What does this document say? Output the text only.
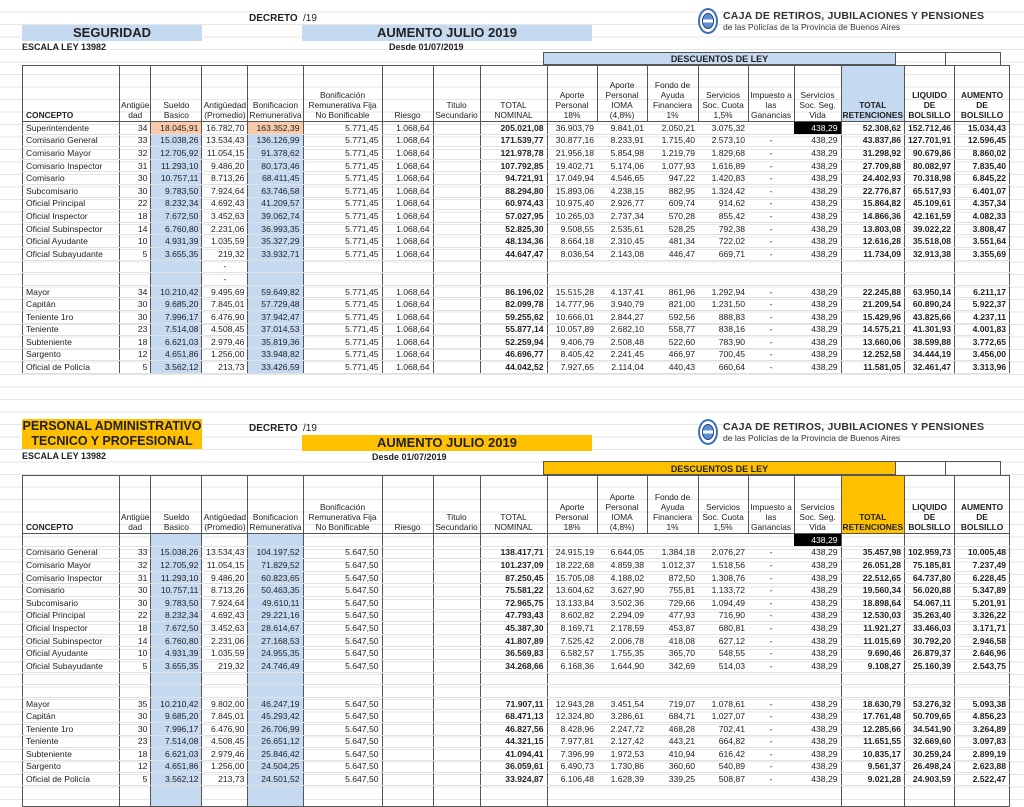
DECRETO /19
SEGURIDAD	AUMENTO JULIO 2019
ESCALA LEY 13982	Desde 01/07/2019
CAJA DE RETIROS, JUBILACIONES Y PENSIONES
de las Policías de la Provincia de Buenos Aires
DESCUENTOS DE LEY
CONCEPTO	Antigüe dad	Sueldo Basico	Antigüedad (Promedio)	Bonificacion Remunerativa	Bonificación Remunerativa Fija No Bonificable	Riesgo	Titulo Secundario	TOTAL NOMINAL	Aporte Personal 18%	Aporte Personal IOMA (4,8%)	Fondo de Ayuda Financiera 1%	Servicios Soc. Cuota 1,5%	Impuesto a las Ganancias	Servicios Soc. Seg. Vida	TOTAL RETENCIONES	LIQUIDO DE BOLSILLO	AUMENTO DE BOLSILLO
Superintendente	34	18.045,91	16.782,70	163.352,39	5.771,45	1.068,64		205.021,08	36.903,79	9.841,01	2.050,21	3.075,32		438,29	52.308,62	152.712,46	15.034,43
Comisario General	33	15.038,26	13.534,43	136.126,99	5.771,45	1.068,64		171.539,77	30.877,16	8.233,91	1.715,40	2.573,10	-	438,29	43.837,86	127.701,91	12.596,45
Comisario Mayor	32	12.705,92	11.054,15	91.378,62	5.771,45	1.068,64		121.978,78	21.956,18	5.854,98	1.219,79	1.829,68	-	438,29	31.298,92	90.679,86	8.860,02
Comisario Inspector	31	11.293,10	9.486,20	80.173,46	5.771,45	1.068,64		107.792,85	19.402,71	5.174,06	1.077,93	1.616,89	-	438,29	27.709,88	80.082,97	7.835,40
Comisario	30	10.757,11	8.713,26	68.411,45	5.771,45	1.068,64		94.721,91	17.049,94	4.546,65	947,22	1.420,83	-	438,29	24.402,93	70.318,98	6.845,22
Subcomisario	30	9.783,50	7.924,64	63.746,58	5.771,45	1.068,64		88.294,80	15.893,06	4.238,15	882,95	1.324,42	-	438,29	22.776,87	65.517,93	6.401,07
Oficial Principal	22	8.232,34	4.692,43	41.209,57	5.771,45	1.068,64		60.974,43	10.975,40	2.926,77	609,74	914,62	-	438,29	15.864,82	45.109,61	4.357,34
Oficial Inspector	18	7.672,50	3.452,63	39.062,74	5.771,45	1.068,64		57.027,95	10.265,03	2.737,34	570,28	855,42	-	438,29	14.866,36	42.161,59	4.082,33
Oficial Subinspector	14	6.760,80	2.231,06	36.993,35	5.771,45	1.068,64		52.825,30	9.508,55	2.535,61	528,25	792,38	-	438,29	13.803,08	39.022,22	3.808,47
Oficial Ayudante	10	4.931,39	1.035,59	35.327,29	5.771,45	1.068,64		48.134,36	8.664,18	2.310,45	481,34	722,02	-	438,29	12.616,28	35.518,08	3.551,64
Oficial Subayudante	5	3.655,35	219,32	33.932,71	5.771,45	1.068,64		44.647,47	8.036,54	2.143,08	446,47	669,71	-	438,29	11.734,09	32.913,38	3.355,69
			-														
			-														
Mayor	34	10.210,42	9.495,69	59.649,82	5.771,45	1.068,64		86.196,02	15.515,28	4.137,41	861,96	1.292,94	-	438,29	22.245,88	63.950,14	6.211,17
Capitán	30	9.685,20	7.845,01	57.729,48	5.771,45	1.068,64		82.099,78	14.777,96	3.940,79	821,00	1.231,50	-	438,29	21.209,54	60.890,24	5.922,37
Teniente 1ro	30	7.996,17	6.476,90	37.942,47	5.771,45	1.068,64		59.255,62	10.666,01	2.844,27	592,56	888,83	-	438,29	15.429,96	43.825,66	4.237,11
Teniente	23	7.514,08	4.508,45	37.014,53	5.771,45	1.068,64		55.877,14	10.057,89	2.682,10	558,77	838,16	-	438,29	14.575,21	41.301,93	4.001,83
Subteniente	18	6.621,03	2.979,46	35.819,36	5.771,45	1.068,64		52.259,94	9.406,79	2.508,48	522,60	783,90	-	438,29	13.660,06	38.599,88	3.772,65
Sargento	12	4.651,86	1.256,00	33.948,82	5.771,45	1.068,64		46.696,77	8.405,42	2.241,45	466,97	700,45	-	438,29	12.252,58	34.444,19	3.456,00
Oficial de Policía	5	3.562,12	213,73	33.426,59	5.771,45	1.068,64		44.042,52	7.927,65	2.114,04	440,43	660,64	-	438,29	11.581,05	32.461,47	3.313,96
DECRETO /19
PERSONAL ADMINISTRATIVO
TECNICO Y PROFESIONAL	AUMENTO JULIO 2019
ESCALA LEY 13982	Desde 01/07/2019
CAJA DE RETIROS, JUBILACIONES Y PENSIONES
de las Policías de la Provincia de Buenos Aires
DESCUENTOS DE LEY
CONCEPTO	Antigüe dad	Sueldo Basico	Antigüedad (Promedio)	Bonificacion Remunerativa	Bonificación Remunerativa Fija No Bonificable	Riesgo	Titulo Secundario	TOTAL NOMINAL	Aporte Personal 18%	Aporte Personal IOMA (4,8%)	Fondo de Ayuda Financiera 1%	Servicios Soc. Cuota 1,5%	Impuesto a las Ganancias	Servicios Soc. Seg. Vida	TOTAL RETENCIONES	LIQUIDO DE BOLSILLO	AUMENTO DE BOLSILLO
														438,29			
Comisario General	33	15.038,26	13.534,43	104.197,52	5.647,50			138.417,71	24.915,19	6.644,05	1.384,18	2.076,27	-	438,29	35.457,98	102.959,73	10.005,48
Comisario Mayor	32	12.705,92	11.054,15	71.829,52	5.647,50			101.237,09	18.222,68	4.859,38	1.012,37	1.518,56	-	438,29	26.051,28	75.185,81	7.237,49
Comisario Inspector	31	11.293,10	9.486,20	60.823,65	5.647,50			87.250,45	15.705,08	4.188,02	872,50	1.308,76	-	438,29	22.512,65	64.737,80	6.228,45
Comisario	30	10.757,11	8.713,26	50.463,35	5.647,50			75.581,22	13.604,62	3.627,90	755,81	1.133,72	-	438,29	19.560,34	56.020,88	5.347,89
Subcomisario	30	9.783,50	7.924,64	49.610,11	5.647,50			72.965,75	13.133,84	3.502,36	729,66	1.094,49	-	438,29	18.898,64	54.067,11	5.201,91
Oficial Principal	22	8.232,34	4.692,43	29.221,16	5.647,50			47.793,43	8.602,82	2.294,09	477,93	716,90	-	438,29	12.530,03	35.263,40	3.326,22
Oficial Inspector	18	7.672,50	3.452,63	28.614,67	5.647,50			45.387,30	8.169,71	2.178,59	453,87	680,81	-	438,29	11.921,27	33.466,03	3.171,71
Oficial Subinspector	14	6.760,80	2.231,06	27.168,53	5.647,50			41.807,89	7.525,42	2.006,78	418,08	627,12	-	438,29	11.015,69	30.792,20	2.946,58
Oficial Ayudante	10	4.931,39	1.035,59	24.955,35	5.647,50			36.569,83	6.582,57	1.755,35	365,70	548,55	-	438,29	9.690,46	26.879,37	2.646,96
Oficial Subayudante	5	3.655,35	219,32	24.746,49	5.647,50			34.268,66	6.168,36	1.644,90	342,69	514,03	-	438,29	9.108,27	25.160,39	2.543,75

Mayor	35	10.210,42	9.802,00	46.247,19	5.647,50			71.907,11	12.943,28	3.451,54	719,07	1.078,61	-	438,29	18.630,79	53.276,32	5.093,38
Capitán	30	9.685,20	7.845,01	45.293,42	5.647,50			68.471,13	12.324,80	3.286,61	684,71	1.027,07	-	438,29	17.761,48	50.709,65	4.856,23
Teniente 1ro	30	7.996,17	6.476,90	26.706,99	5.647,50			46.827,56	8.428,96	2.247,72	468,28	702,41	-	438,29	12.285,66	34.541,90	3.264,89
Teniente	23	7.514,08	4.508,45	26.651,12	5.647,50			44.321,15	7.977,81	2.127,42	443,21	664,82	-	438,29	11.651,55	32.669,60	3.097,83
Subteniente	18	6.621,03	2.979,46	25.846,42	5.647,50			41.094,41	7.396,99	1.972,53	410,94	616,42	-	438,29	10.835,17	30.259,24	2.899,19
Sargento	12	4.651,86	1.256,00	24.504,25	5.647,50			36.059,61	6.490,73	1.730,86	360,60	540,89	-	438,29	9.561,37	26.498,24	2.623,88
Oficial de Policía	5	3.562,12	213,73	24.501,52	5.647,50			33.924,87	6.106,48	1.628,39	339,25	508,87	-	438,29	9.021,28	24.903,59	2.522,47
